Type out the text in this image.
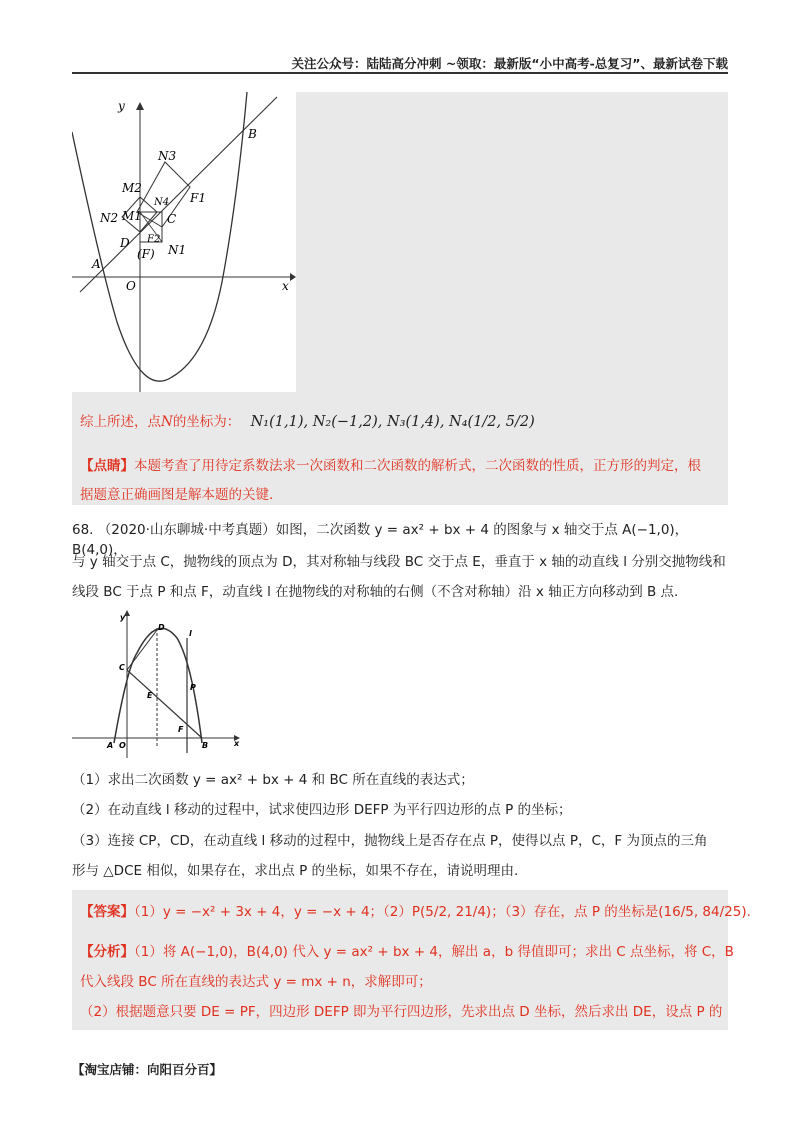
关注公众号：陆陆高分冲刺 ~领取：最新版“小中高考-总复习”、最新试卷下载
y
x
O
A
B
C
D
(F)
F1
F2
N1
N2
N3
N4
M2
M1
综上所述，点N的坐标为： N₁(1,1), N₂(−1,2), N₃(1,4), N₄(1/2, 5/2)
【点睛】本题考查了用待定系数法求一次函数和二次函数的解析式，二次函数的性质，正方形的判定，根
据题意正确画图是解本题的关键.
68. （2020·山东聊城·中考真题）如图，二次函数 y = ax² + bx + 4 的图象与 x 轴交于点 A(−1,0)，B(4,0)，
与 y 轴交于点 C，抛物线的顶点为 D，其对称轴与线段 BC 交于点 E，垂直于 x 轴的动直线 l 分别交抛物线和
线段 BC 于点 P 和点 F，动直线 l 在抛物线的对称轴的右侧（不含对称轴）沿 x 轴正方向移动到 B 点.
y
x
A O	B
C
D
E
F
P
l
（1）求出二次函数 y = ax² + bx + 4 和 BC 所在直线的表达式；
（2）在动直线 l 移动的过程中，试求使四边形 DEFP 为平行四边形的点 P 的坐标；
（3）连接 CP，CD，在动直线 l 移动的过程中，抛物线上是否存在点 P，使得以点 P，C，F 为顶点的三角
形与 △DCE 相似，如果存在，求出点 P 的坐标，如果不存在，请说明理由.
【答案】（1）y = −x² + 3x + 4，y = −x + 4；（2）P(5/2, 21/4)；（3）存在，点 P 的坐标是(16/5, 84/25).
【分析】（1）将 A(−1,0)，B(4,0) 代入 y = ax² + bx + 4，解出 a，b 得值即可；求出 C 点坐标，将 C，B
代入线段 BC 所在直线的表达式 y = mx + n，求解即可；
（2）根据题意只要 DE = PF，四边形 DEFP 即为平行四边形，先求出点 D 坐标，然后求出 DE，设点 P 的
【淘宝店铺：向阳百分百】
